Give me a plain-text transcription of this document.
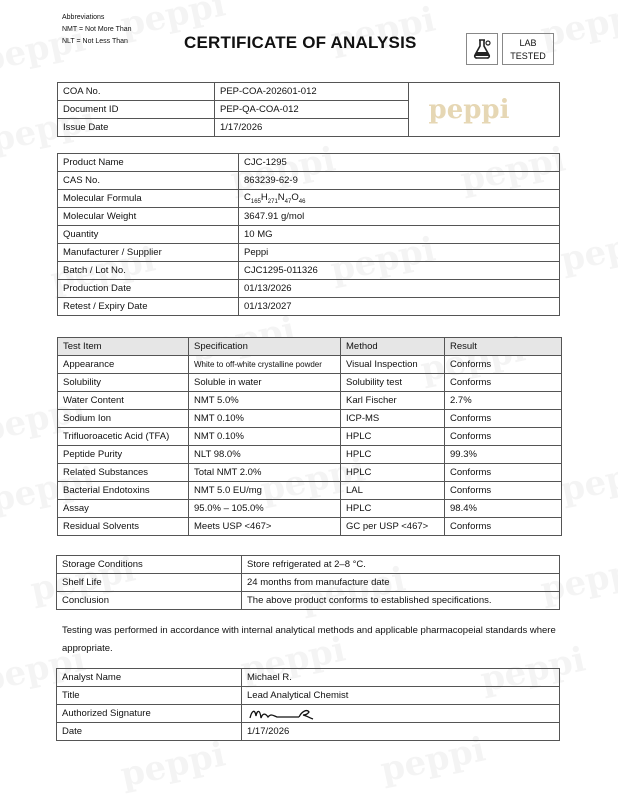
Abbreviations
NMT = Not More Than
NLT = Not Less Than	CERTIFICATE OF ANALYSIS	LAB
TESTED
COA No.	PEP-COA-202601-012	peppi

Document ID	PEP-QA-COA-012	
Issue Date	1/17/2026	
Product Name	CJC-1295
CAS No.	863239-62-9
Molecular Formula	$C_{165}H_{271}N_{47}O_{46}$
Molecular Weight	3647.91 g/mol
Quantity	10 MG
Manufacturer / Supplier	Peppi
Batch / Lot No.	CJC1295-011326
Production Date	01/13/2026
Retest / Expiry Date	01/13/2027
Test Item	Specification	Method	Result
Appearance	White to off-white crystalline powder	Visual Inspection	Conforms
Solubility	Soluble in water	Solubility test	Conforms
Water Content	NMT 5.0%	Karl Fischer	2.7%
Sodium Ion	NMT 0.10%	ICP-MS	Conforms
Trifluoroacetic Acid (TFA)	NMT 0.10%	HPLC	Conforms
Peptide Purity	NLT 98.0%	HPLC	99.3%
Related Substances	Total NMT 2.0%	HPLC	Conforms
Bacterial Endotoxins	NMT 5.0 EU/mg	LAL	Conforms
Assay	95.0% – 105.0%	HPLC	98.4%
Residual Solvents	Meets USP <467>	GC per USP <467>	Conforms
Storage Conditions	Store refrigerated at 2–8 °C.
Shelf Life	24 months from manufacture date
Conclusion	The above product conforms to established specifications.
Testing was performed in accordance with internal analytical methods and applicable pharmacopeial standards where appropriate.
Analyst Name	Michael R.
Title	Lead Analytical Chemist
Authorized Signature	

Date	1/17/2026
